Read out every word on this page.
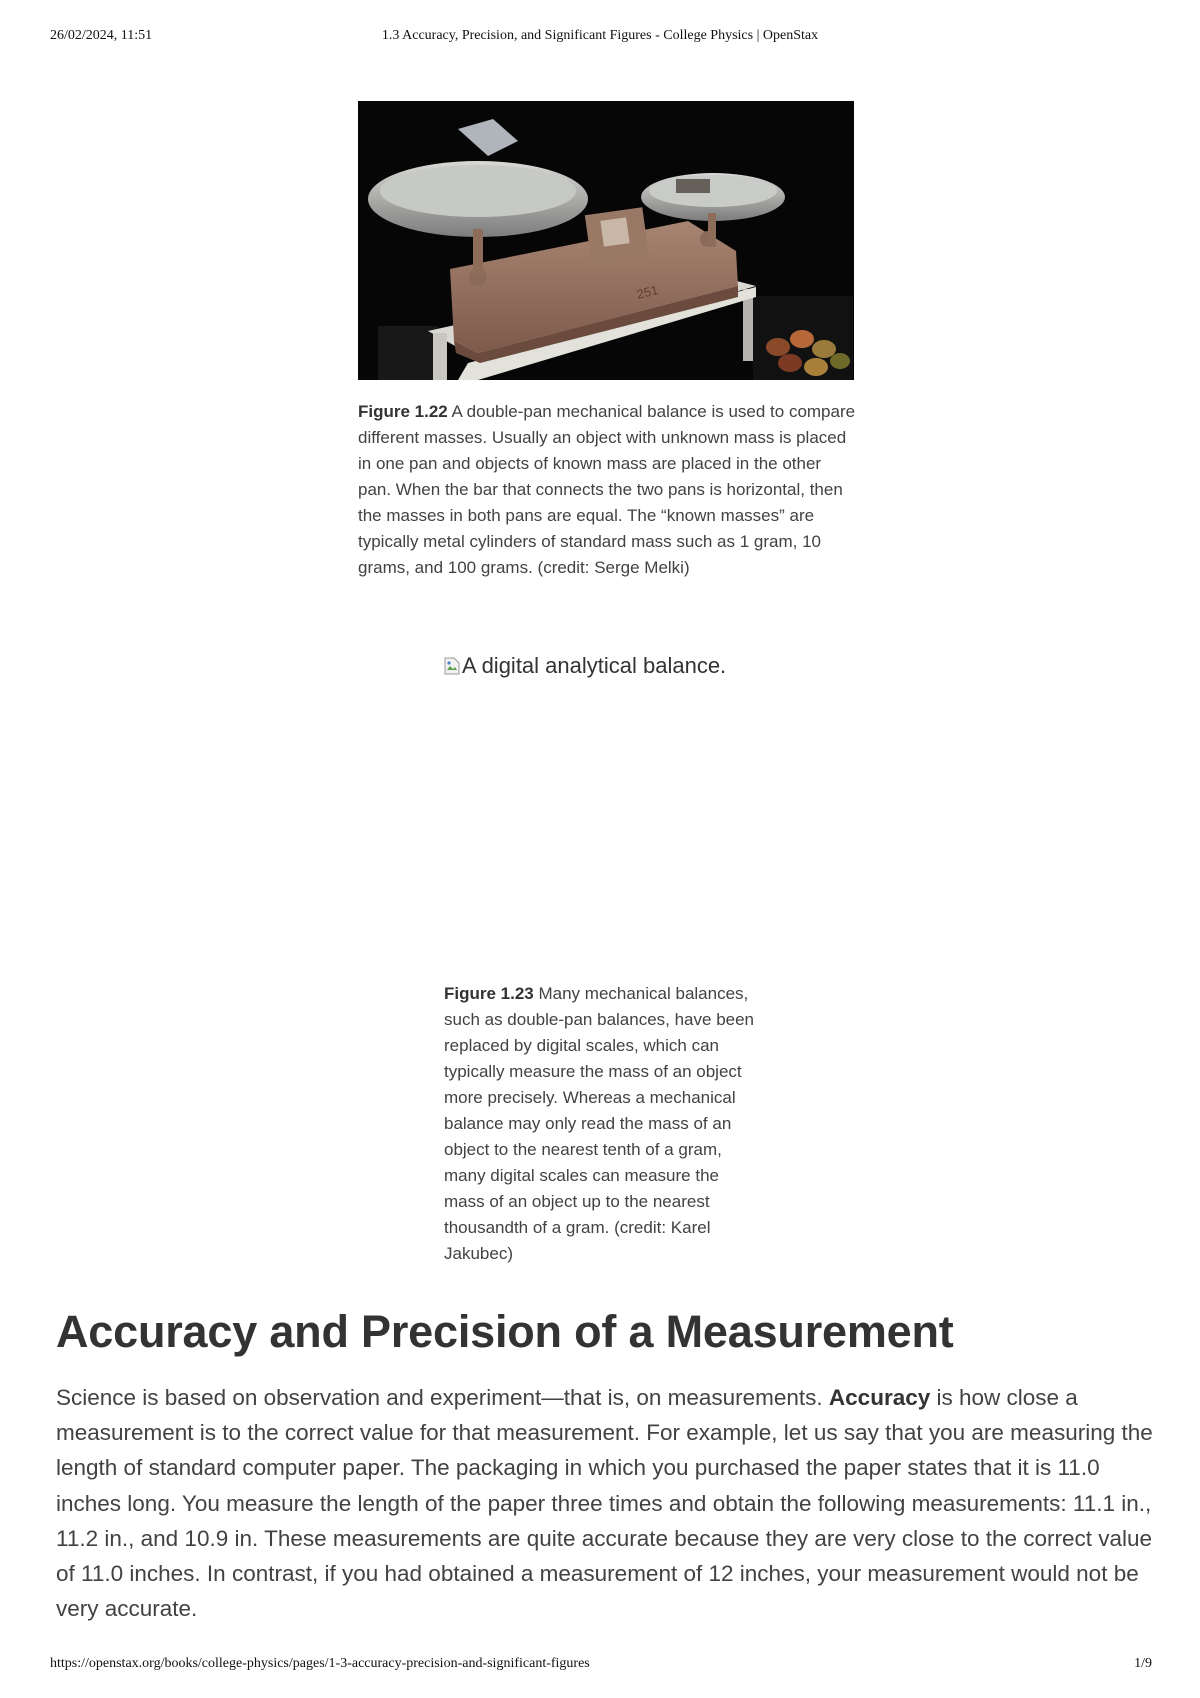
26/02/2024, 11:51	1.3 Accuracy, Precision, and Significant Figures - College Physics | OpenStax
251
Figure 1.22 A double-pan mechanical balance is used to compare different masses. Usually an object with unknown mass is placed in one pan and objects of known mass are placed in the other pan. When the bar that connects the two pans is horizontal, then the masses in both pans are equal. The “known masses” are typically metal cylinders of standard mass such as 1 gram, 10 grams, and 100 grams. (credit: Serge Melki)
A digital analytical balance.
Figure 1.23 Many mechanical balances, such as double-pan balances, have been replaced by digital scales, which can typically measure the mass of an object more precisely. Whereas a mechanical balance may only read the mass of an object to the nearest tenth of a gram, many digital scales can measure the mass of an object up to the nearest thousandth of a gram. (credit: Karel Jakubec)
Accuracy and Precision of a Measurement

Science is based on observation and experiment—that is, on measurements. Accuracy is how close a measurement is to the correct value for that measurement. For example, let us say that you are measuring the length of standard computer paper. The packaging in which you purchased the paper states that it is 11.0 inches long. You measure the length of the paper three times and obtain the following measurements: 11.1 in., 11.2 in., and 10.9 in. These measurements are quite accurate because they are very close to the correct value of 11.0 inches. In contrast, if you had obtained a measurement of 12 inches, your measurement would not be very accurate.

https://openstax.org/books/college-physics/pages/1-3-accuracy-precision-and-significant-figures	1/9
